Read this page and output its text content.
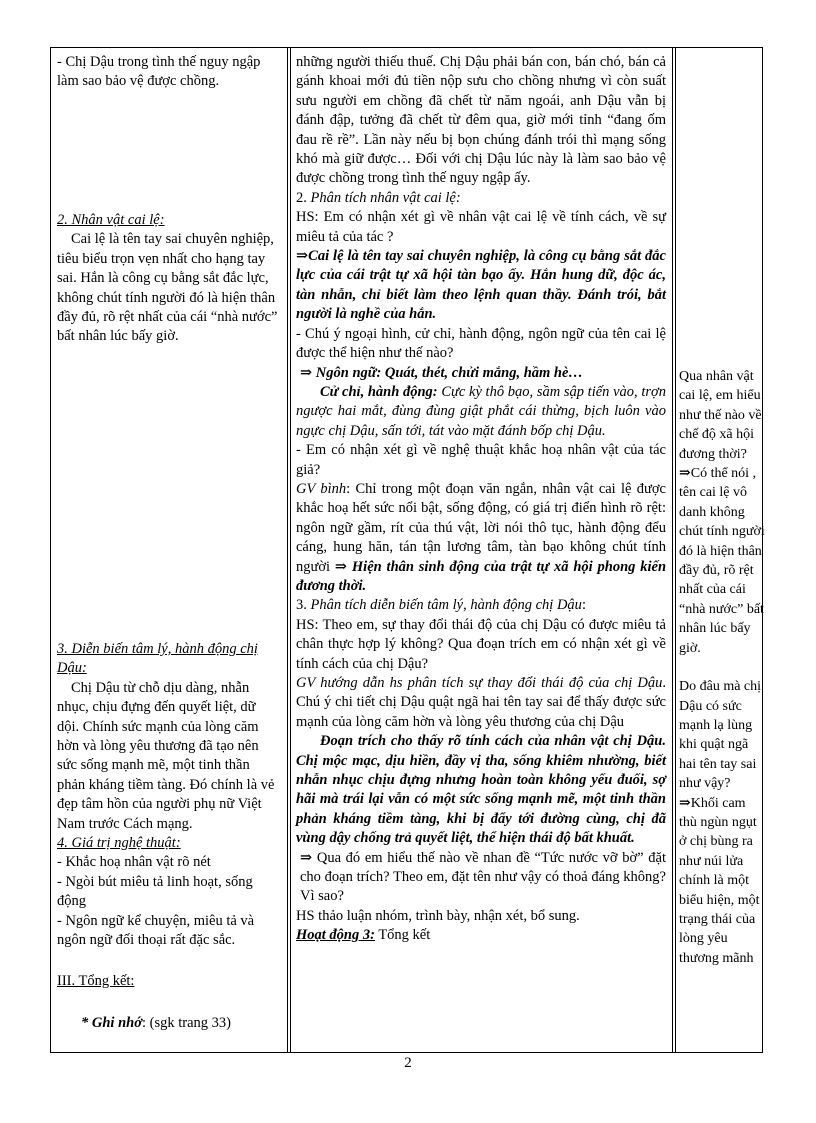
- Chị Dậu trong tình thế nguy ngập làm sao bảo vệ được chồng.

2. Nhân vật cai lệ:

Cai lệ là tên tay sai chuyên nghiệp, tiêu biểu trọn vẹn nhất cho hạng tay sai. Hắn là công cụ bằng sắt đắc lực, không chút tính người đó là hiện thân đầy đủ, rõ rệt nhất của cái “nhà nước” bất nhân lúc bấy giờ.

3. Diễn biến tâm lý, hành động chị Dậu:

Chị Dậu từ chỗ dịu dàng, nhẫn nhục, chịu đựng đến quyết liệt, dữ dội. Chính sức mạnh của lòng căm hờn và lòng yêu thương đã tạo nên sức sống mạnh mẽ, một tinh thần phản kháng tiềm tàng. Đó chính là vẻ đẹp tâm hồn của người phụ nữ Việt Nam trước Cách mạng.

4. Giá trị nghệ thuật:

- Khắc hoạ nhân vật rõ nét

- Ngòi bút miêu tả linh hoạt, sống động

- Ngôn ngữ kể chuyện, miêu tả và ngôn ngữ đối thoại rất đặc sắc.

III. Tổng kết:

* Ghi nhớ: (sgk trang 33)

những người thiếu thuế. Chị Dậu phải bán con, bán chó, bán cả gánh khoai mới đủ tiền nộp sưu cho chồng nhưng vì còn suất sưu người em chồng đã chết từ năm ngoái, anh Dậu vẫn bị đánh đập, tưởng đã chết từ đêm qua, giờ mới tỉnh “đang ốm đau rề rề”. Lần này nếu bị bọn chúng đánh trói thì mạng sống khó mà giữ được… Đối với chị Dậu lúc này là làm sao bảo vệ được chồng trong tình thế nguy ngập ấy.

2. Phân tích nhân vật cai lệ:

HS: Em có nhận xét gì về nhân vật cai lệ về tính cách, về sự miêu tả của tác ?

⇒Cai lệ là tên tay sai chuyên nghiệp, là công cụ bằng sắt đắc lực của cái trật tự xã hội tàn bạo ấy. Hắn hung dữ, độc ác, tàn nhẫn, chỉ biết làm theo lệnh quan thầy. Đánh trói, bắt người là nghề của hắn.

- Chú ý ngoại hình, cử chỉ, hành động, ngôn ngữ của tên cai lệ được thể hiện như thế nào?

⇒ Ngôn ngữ: Quát, thét, chửi mắng, hầm hè…

Cử chỉ, hành động: Cực kỳ thô bạo, sầm sập tiến vào, trợn ngược hai mắt, đùng đùng giật phắt cái thừng, bịch luôn vào ngực chị Dậu, sấn tới, tát vào mặt đánh bốp chị Dậu.

- Em có nhận xét gì về nghệ thuật khắc hoạ nhân vật của tác giả?

GV bình: Chỉ trong một đoạn văn ngắn, nhân vật cai lệ được khắc hoạ hết sức nổi bật, sống động, có giá trị điển hình rõ rệt: ngôn ngữ gầm, rít của thú vật, lời nói thô tục, hành động đểu cáng, hung hăn, tán tận lương tâm, tàn bạo không chút tính người ⇒ Hiện thân sinh động của trật tự xã hội phong kiến đương thời.

3. Phân tích diễn biến tâm lý, hành động chị Dậu:

HS: Theo em, sự thay đổi thái độ của chị Dậu có được miêu tả chân thực hợp lý không? Qua đoạn trích em có nhận xét gì về tính cách của chị Dậu?

GV hướng dẫn hs phân tích sự thay đổi thái độ của chị Dậu. Chú ý chi tiết chị Dậu quật ngã hai tên tay sai để thấy được sức mạnh của lòng căm hờn và lòng yêu thương của chị Dậu

Đoạn trích cho thấy rõ tính cách của nhân vật chị Dậu. Chị mộc mạc, dịu hiền, đầy vị tha, sống khiêm nhường, biết nhẫn nhục chịu đựng nhưng hoàn toàn không yếu đuối, sợ hãi mà trái lại vẫn có một sức sống mạnh mẽ, một tinh thần phản kháng tiềm tàng, khi bị đẩy tới đường cùng, chị đã vùng dậy chống trả quyết liệt, thể hiện thái độ bất khuất.

⇒ Qua đó em hiểu thế nào về nhan đề “Tức nước vỡ bờ” đặt cho đoạn trích? Theo em, đặt tên như vậy có thoả đáng không? Vì sao?

HS thảo luận nhóm, trình bày, nhận xét, bổ sung.

Hoạt động 3: Tổng kết

Qua nhân vật cai lệ, em hiểu như thế nào về chế độ xã hội đương thời?

⇒Có thể nói , tên cai lệ vô danh không chút tính người đó là hiện thân đầy đủ, rõ rệt nhất của cái “nhà nước” bất nhân lúc bấy giờ.

Do đâu mà chị Dậu có sức mạnh lạ lùng khi quật ngã hai tên tay sai như vậy?

⇒Khối cam thù ngùn ngụt ở chị bùng ra như núi lửa chính là một biểu hiện, một trạng thái của lòng yêu thương mãnh

2
